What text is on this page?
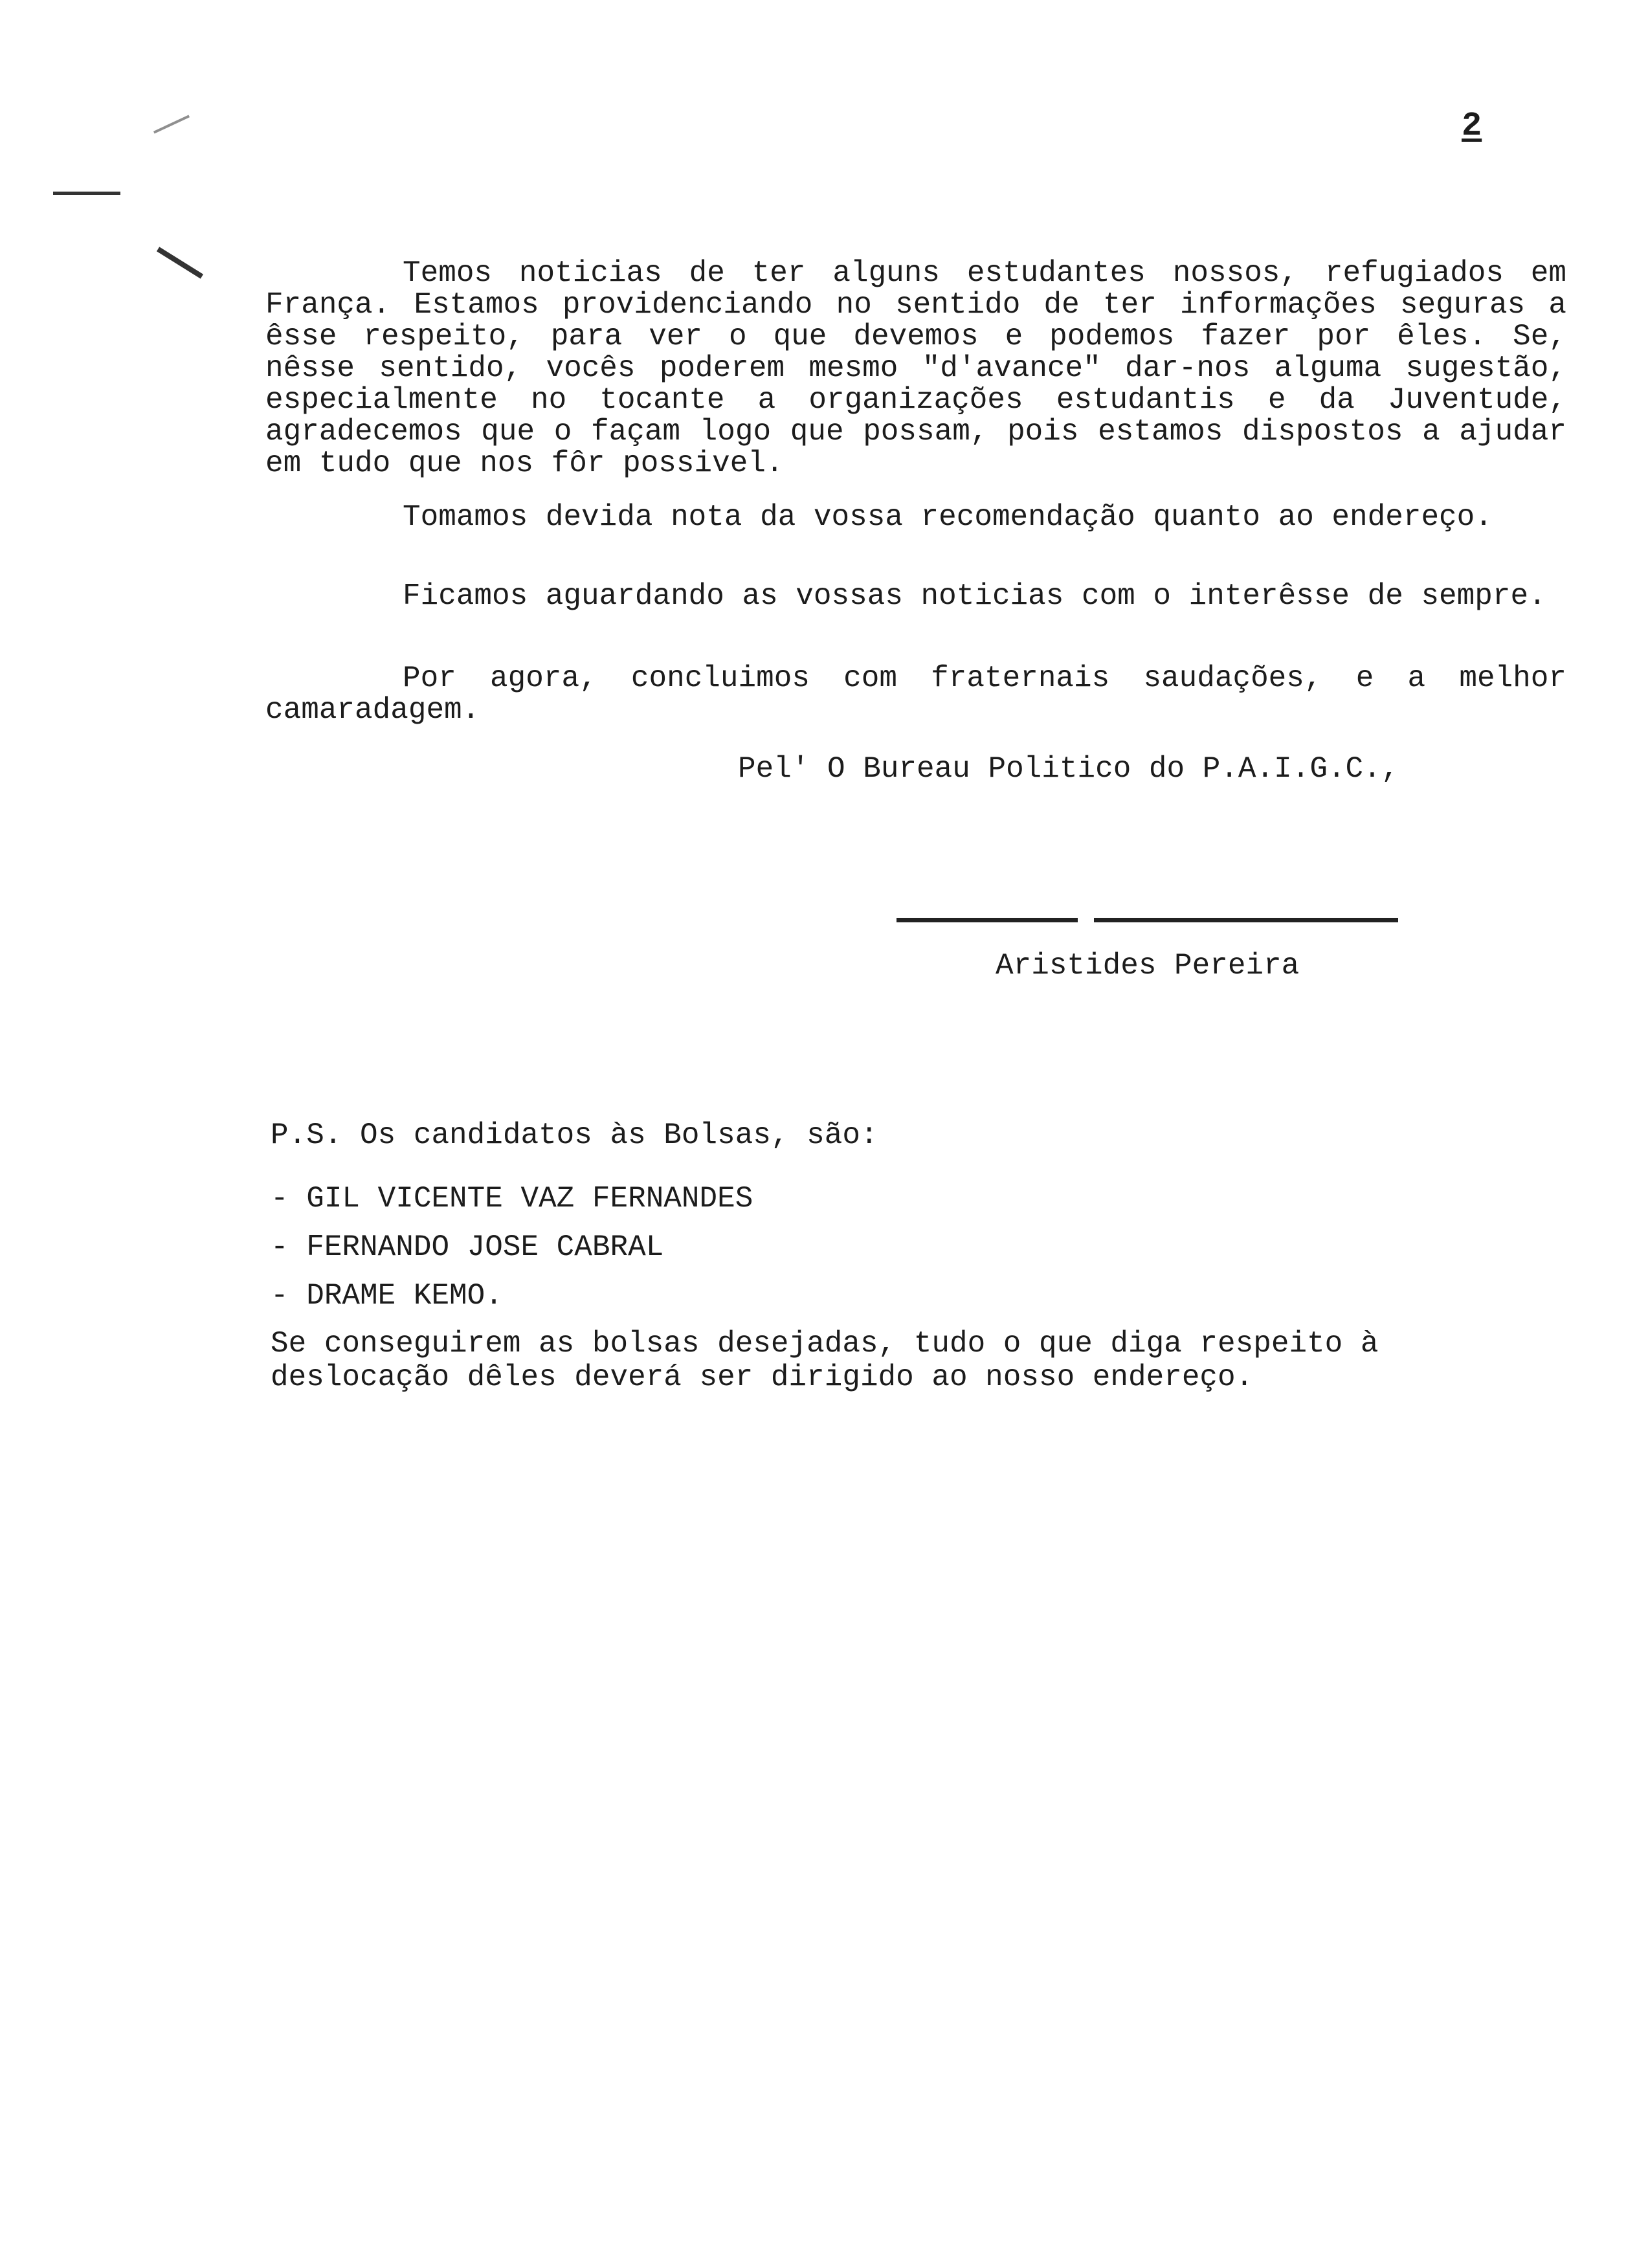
2

Temos noticias de ter alguns estudantes nossos, refugiados em França. Estamos providenciando no sentido de ter informações seguras a êsse respeito, para ver o que devemos e podemos fazer por êles. Se, nêsse sentido, vocês poderem mesmo "d'avance" dar-nos alguma sugestão, especialmente no tocante a organizações estudantis e da Juventude, agradecemos que o façam logo que possam, pois estamos dispostos a ajudar em tudo que nos fôr possivel.

Tomamos devida nota da vossa recomendação quanto ao endereço.

Ficamos aguardando as vossas noticias com o interêsse de sempre.

Por agora, concluimos com fraternais saudações, e a melhor camaradagem.

Pel' O Bureau Politico do P.A.I.G.C.,
Aristides Pereira
P.S. Os candidatos às Bolsas, são:
- GIL VICENTE VAZ FERNANDES
- FERNANDO JOSE CABRAL
- DRAME KEMO.

Se conseguirem as bolsas desejadas, tudo o que diga respeito à deslocação dêles deverá ser dirigido ao nosso endereço.
